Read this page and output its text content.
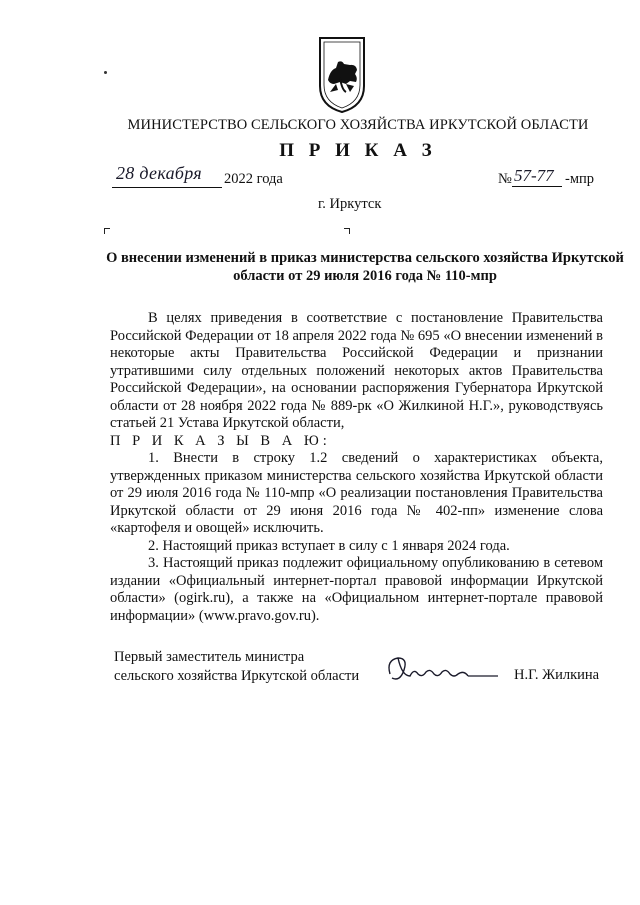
МИНИСТЕРСТВО СЕЛЬСКОГО ХОЗЯЙСТВА ИРКУТСКОЙ ОБЛАСТИ
П Р И К А З
28 декабря 2022 года	№ 57-77 -мпр
г. Иркутск
О внесении изменений в приказ министерства сельского хозяйства Иркутской области от 29 июля 2016 года № 110-мпр

В целях приведения в соответствие с постановление Правительства Российской Федерации от 18 апреля 2022 года № 695 «О внесении изменений в некоторые акты Правительства Российской Федерации и признании утратившими силу отдельных положений некоторых актов Правительства Российской Федерации», на основании распоряжения Губернатора Иркутской области от 28 ноября 2022 года № 889-рк «О Жилкиной Н.Г.», руководствуясь статьей 21 Устава Иркутской области,

П Р И К А З Ы В А Ю:

1. Внести в строку 1.2 сведений о характеристиках объекта, утвержденных приказом министерства сельского хозяйства Иркутской области от 29 июля 2016 года № 110-мпр «О реализации постановления Правительства Иркутской области от 29 июня 2016 года № 402-пп» изменение слова «картофеля и овощей» исключить.

2. Настоящий приказ вступает в силу с 1 января 2024 года.

3. Настоящий приказ подлежит официальному опубликованию в сетевом издании «Официальный интернет-портал правовой информации Иркутской области» (ogirk.ru), а также на «Официальном интернет-портале правовой информации» (www.pravo.gov.ru).

Первый заместитель министра
сельского хозяйства Иркутской области	Н.Г. Жилкина
